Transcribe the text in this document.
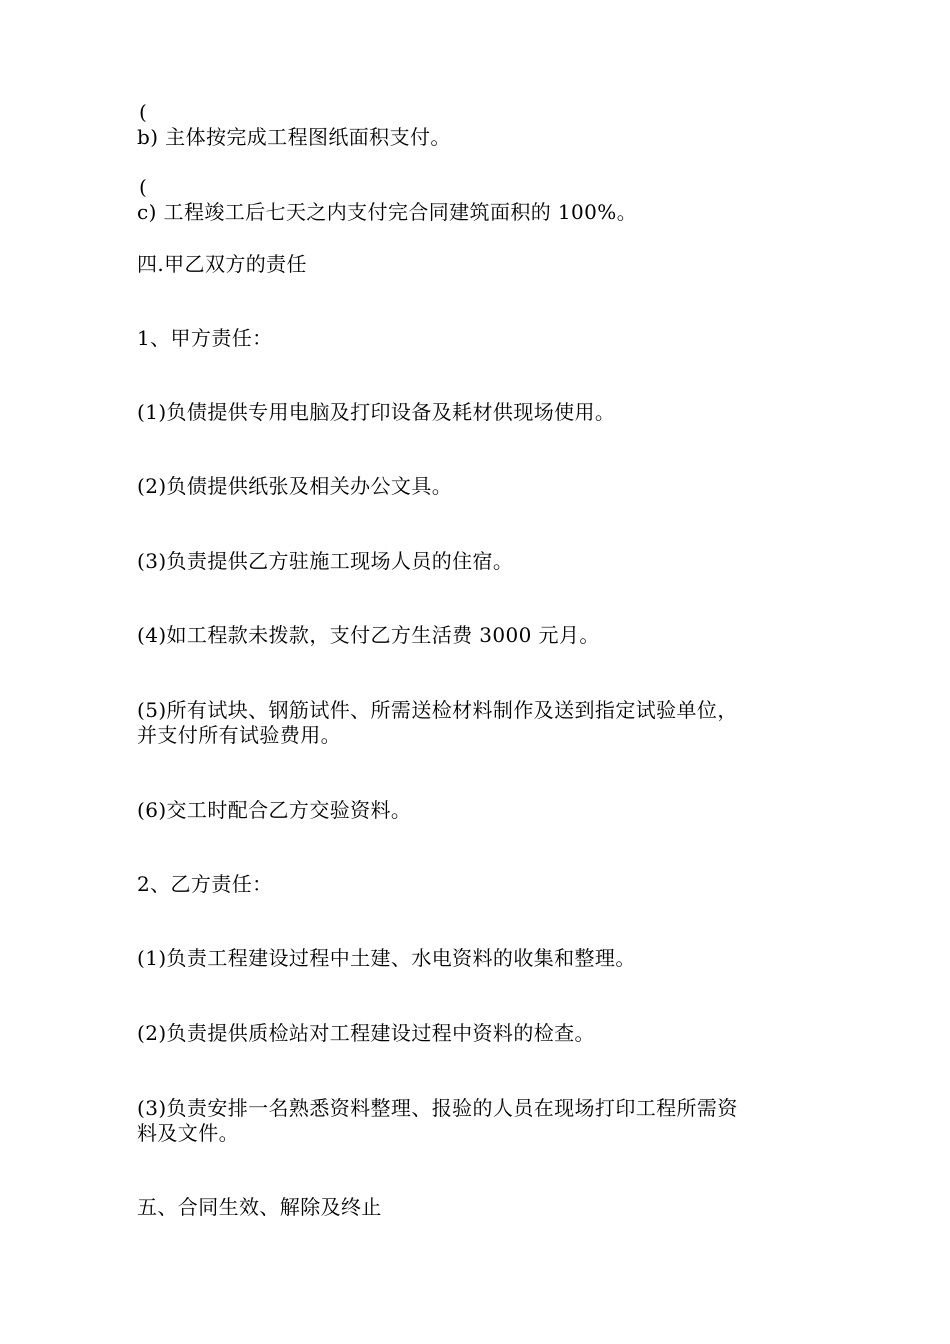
(
b) 主体按完成工程图纸面积支付。
(
c) 工程竣工后七天之内支付完合同建筑面积的 100%。
四.甲乙双方的责任
1、甲方责任：
(1)负债提供专用电脑及打印设备及耗材供现场使用。
(2)负债提供纸张及相关办公文具。
(3)负责提供乙方驻施工现场人员的住宿。
(4)如工程款未拨款，支付乙方生活费 3000 元月。
(5)所有试块、钢筋试件、所需送检材料制作及送到指定试验单位，
并支付所有试验费用。
(6)交工时配合乙方交验资料。
2、乙方责任：
(1)负责工程建设过程中土建、水电资料的收集和整理。
(2)负责提供质检站对工程建设过程中资料的检查。
(3)负责安排一名熟悉资料整理、报验的人员在现场打印工程所需资
料及文件。
五、合同生效、解除及终止
